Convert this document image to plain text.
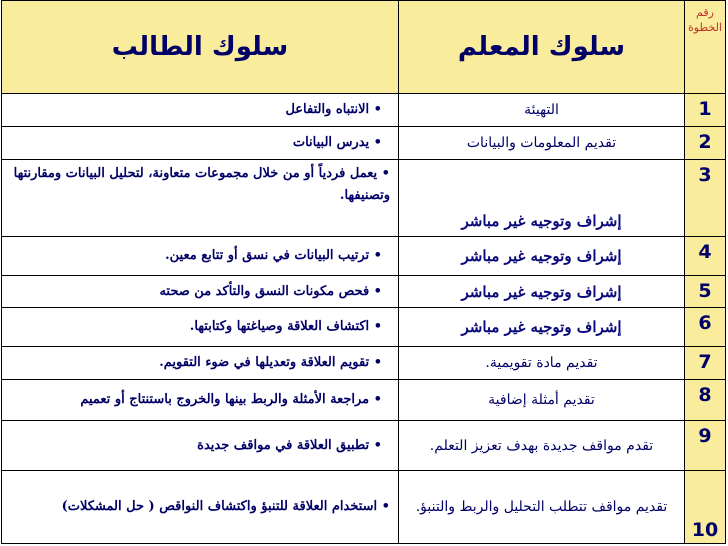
رقم الخطوة	سلوك المعلم	سلوك الطالب
1	التهيئة	• الانتباه والتفاعل
2	تقديم المعلومات والبيانات	• يدرس البيانات
3	إشراف وتوجيه غير مباشر	• يعمل فردياً أو من خلال مجموعات متعاونة، لتحليل البيانات ومقارنتها وتصنيفها.
4	إشراف وتوجيه غير مباشر	• ترتيب البيانات في نسق أو تتابع معين.
5	إشراف وتوجيه غير مباشر	• فحص مكونات النسق والتأكد من صحته
6	إشراف وتوجيه غير مباشر	• اكتشاف العلاقة وصياغتها وكتابتها.
7	تقديم مادة تقويمية.	• تقويم العلاقة وتعديلها في ضوء التقويم.
8	تقديم أمثلة إضافية	• مراجعة الأمثلة والربط بينها والخروج باستنتاج أو تعميم
9	تقدم مواقف جديدة بهدف تعزيز التعلم.	• تطبيق العلاقة في مواقف جديدة
10	تقديم مواقف تتطلب التحليل والربط والتنبؤ.	• استخدام العلاقة للتنبؤ واكتشاف النواقص ( حل المشكلات)
